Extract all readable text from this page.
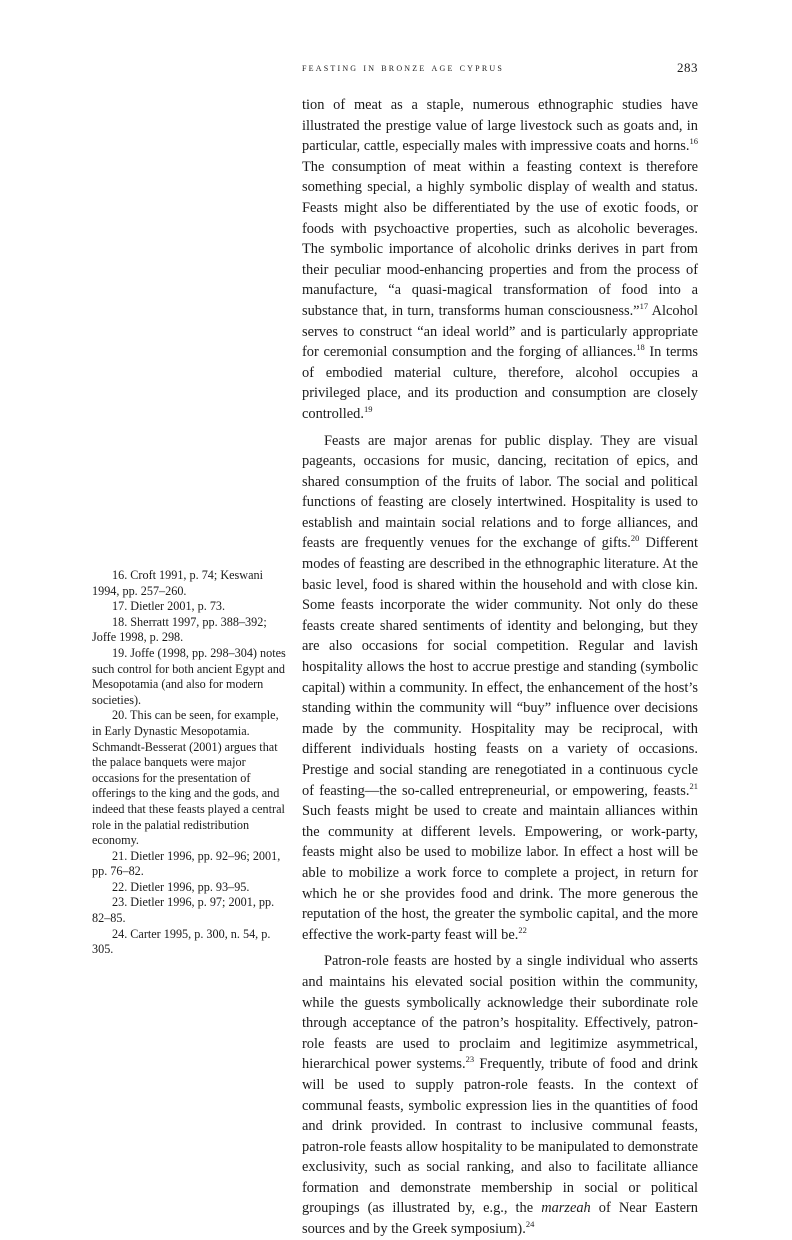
feasting in bronze age cyprus	283

tion of meat as a staple, numerous ethnographic studies have illustrated the prestige value of large livestock such as goats and, in particular, cattle, especially males with impressive coats and horns.$^{16}$ The consumption of meat within a feasting context is therefore something special, a highly symbolic display of wealth and status. Feasts might also be differentiated by the use of exotic foods, or foods with psychoactive properties, such as alcoholic beverages. The symbolic importance of alcoholic drinks derives in part from their peculiar mood-enhancing properties and from the process of manufacture, “a quasi-magical transformation of food into a substance that, in turn, transforms human consciousness.”$^{17}$ Alcohol serves to construct “an ideal world” and is particularly appropriate for ceremonial consumption and the forging of alliances.$^{18}$ In terms of embodied material culture, therefore, alcohol occupies a privileged place, and its production and consumption are closely controlled.$^{19}$

Feasts are major arenas for public display. They are visual pageants, occasions for music, dancing, recitation of epics, and shared consumption of the fruits of labor. The social and political functions of feasting are closely intertwined. Hospitality is used to establish and maintain social relations and to forge alliances, and feasts are frequently venues for the exchange of gifts.$^{20}$ Different modes of feasting are described in the ethnographic literature. At the basic level, food is shared within the household and with close kin. Some feasts incorporate the wider community. Not only do these feasts create shared sentiments of identity and belonging, but they are also occasions for social competition. Regular and lavish hospitality allows the host to accrue prestige and standing (symbolic capital) within a community. In effect, the enhancement of the host’s standing within the community will “buy” influence over decisions made by the community. Hospitality may be reciprocal, with different individuals hosting feasts on a variety of occasions. Prestige and social standing are renegotiated in a continuous cycle of feasting—the so-called entrepreneurial, or empowering, feasts.$^{21}$ Such feasts might be used to create and maintain alliances within the community at different levels. Empowering, or work-party, feasts might also be used to mobilize labor. In effect a host will be able to mobilize a work force to complete a project, in return for which he or she provides food and drink. The more generous the reputation of the host, the greater the symbolic capital, and the more effective the work-party feast will be.$^{22}$

Patron-role feasts are hosted by a single individual who asserts and maintains his elevated social position within the community, while the guests symbolically acknowledge their subordinate role through acceptance of the patron’s hospitality. Effectively, patron-role feasts are used to proclaim and legitimize asymmetrical, hierarchical power systems.$^{23}$ Frequently, tribute of food and drink will be used to supply patron-role feasts. In the context of communal feasts, symbolic expression lies in the quantities of food and drink provided. In contrast to inclusive communal feasts, patron-role feasts allow hospitality to be manipulated to demonstrate exclusivity, such as social ranking, and also to facilitate alliance formation and demonstrate membership in social or political groupings (as illustrated by, e.g., the marzeah of Near Eastern sources and by the Greek symposium).$^{24}$

16. Croft 1991, p. 74; Keswani 1994, pp. 257–260.
17. Dietler 2001, p. 73.
18. Sherratt 1997, pp. 388–392; Joffe 1998, p. 298.
19. Joffe (1998, pp. 298–304) notes such control for both ancient Egypt and Mesopotamia (and also for modern societies).
20. This can be seen, for example, in Early Dynastic Mesopotamia. Schmandt-Besserat (2001) argues that the palace banquets were major occasions for the presentation of offerings to the king and the gods, and indeed that these feasts played a central role in the palatial redistribution economy.
21. Dietler 1996, pp. 92–96; 2001, pp. 76–82.
22. Dietler 1996, pp. 93–95.
23. Dietler 1996, p. 97; 2001, pp. 82–85.
24. Carter 1995, p. 300, n. 54, p. 305.
